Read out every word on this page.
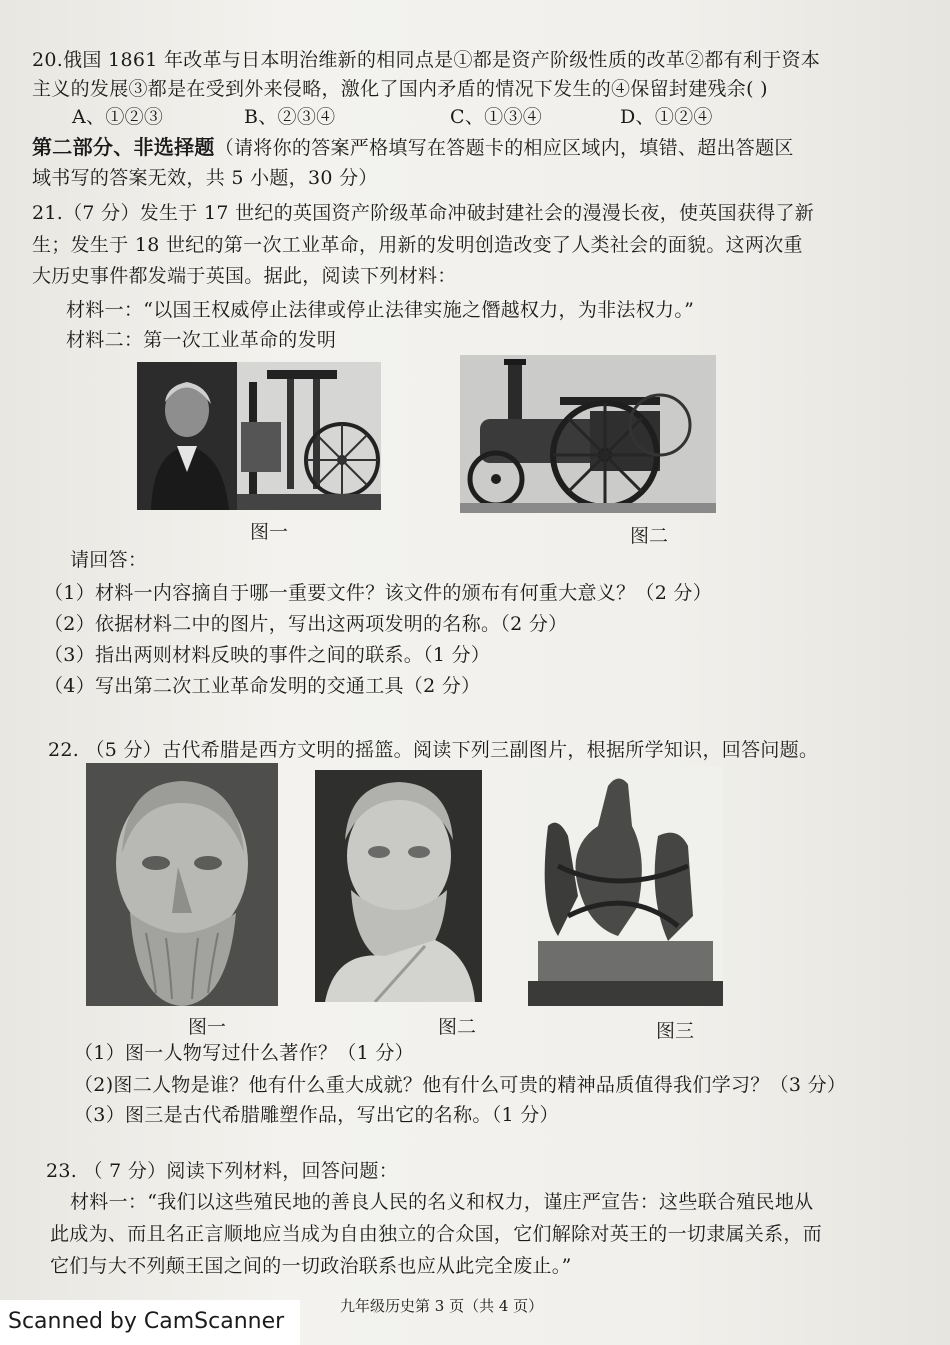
20.俄国 1861 年改革与日本明治维新的相同点是①都是资产阶级性质的改革②都有利于资本
主义的发展③都是在受到外来侵略，激化了国内矛盾的情况下发生的④保留封建残余( )
A、①②③	B、②③④	C、①③④	D、①②④
第二部分、非选择题（请将你的答案严格填写在答题卡的相应区域内，填错、超出答题区
域书写的答案无效，共 5 小题，30 分）
21.（7 分）发生于 17 世纪的英国资产阶级革命冲破封建社会的漫漫长夜，使英国获得了新
生；发生于 18 世纪的第一次工业革命，用新的发明创造改变了人类社会的面貌。这两次重
大历史事件都发端于英国。据此，阅读下列材料：
材料一：“以国王权威停止法律或停止法律实施之僭越权力，为非法权力。”
材料二：第一次工业革命的发明
图一	图二
请回答：
（1）材料一内容摘自于哪一重要文件？该文件的颁布有何重大意义？（2 分）
（2）依据材料二中的图片，写出这两项发明的名称。（2 分）
（3）指出两则材料反映的事件之间的联系。（1 分）
（4）写出第二次工业革命发明的交通工具（2 分）
22. （5 分）古代希腊是西方文明的摇篮。阅读下列三副图片，根据所学知识，回答问题。
图一	图二	图三
（1）图一人物写过什么著作？（1 分）
（2)图二人物是谁？他有什么重大成就？他有什么可贵的精神品质值得我们学习？（3 分）
（3）图三是古代希腊雕塑作品，写出它的名称。（1 分）
23. （ 7 分）阅读下列材料，回答问题：
材料一：“我们以这些殖民地的善良人民的名义和权力，谨庄严宣告：这些联合殖民地从
此成为、而且名正言顺地应当成为自由独立的合众国，它们解除对英王的一切隶属关系，而
它们与大不列颠王国之间的一切政治联系也应从此完全废止。”
九年级历史第 3 页（共 4 页）
Scanned by CamScanner
